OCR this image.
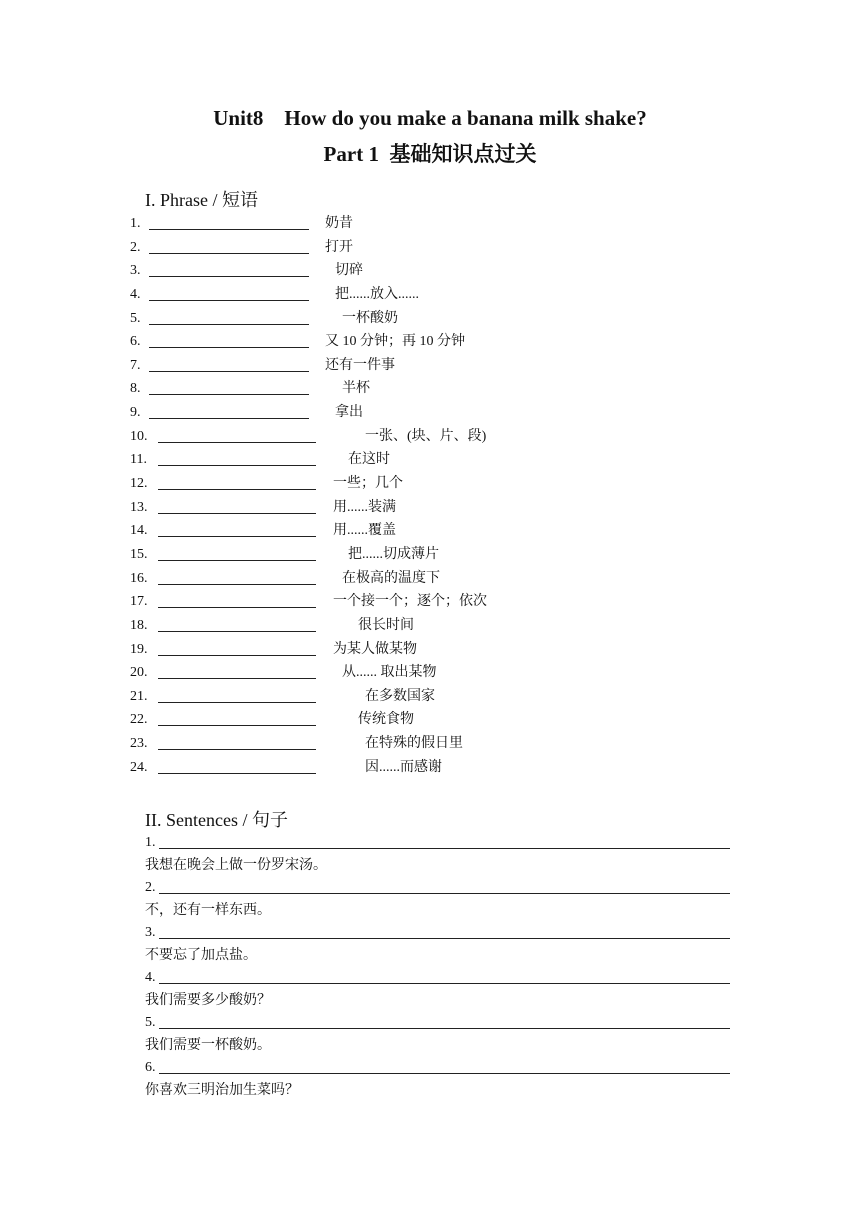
Unit8    How do you make a banana milk shake?
Part 1  基础知识点过关
I. Phrase / 短语
1.	奶昔
2.	打开
3.	切碎
4.	把......放入......
5.	一杯酸奶
6.	又 10 分钟；再 10 分钟
7.	还有一件事
8.	半杯
9.	拿出
10.	一张、(块、片、段)
11.	在这时
12.	一些；几个
13.	用......装满
14.	用......覆盖
15.	把......切成薄片
16.	在极高的温度下
17.	一个接一个；逐个；依次
18.	很长时间
19.	为某人做某物
20.	从...... 取出某物
21.	在多数国家
22.	传统食物
23.	在特殊的假日里
24.	因......而感谢
II. Sentences / 句子
1.
我想在晚会上做一份罗宋汤。
2.
不，还有一样东西。
3.
不要忘了加点盐。
4.
我们需要多少酸奶？
5.
我们需要一杯酸奶。
6.
你喜欢三明治加生菜吗？
